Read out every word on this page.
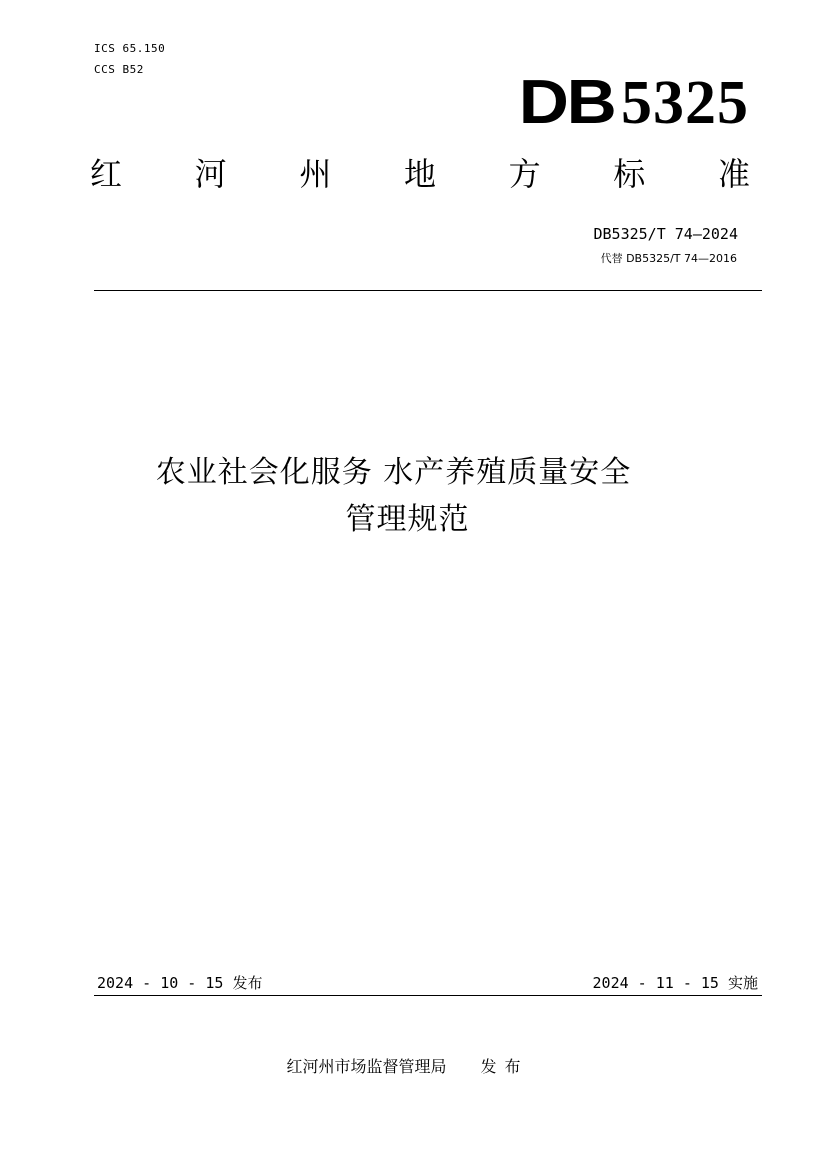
ICS 65.150
CCS B52	DB 5325
红 河 州 地 方 标 准
DB5325/T 74—2024
代替 DB5325/T 74—2016
农业社会化服务 水产养殖质量安全
管理规范
2024 - 10 - 15 发布	2024 - 11 - 15 实施
红河州市场监督管理局 发布
